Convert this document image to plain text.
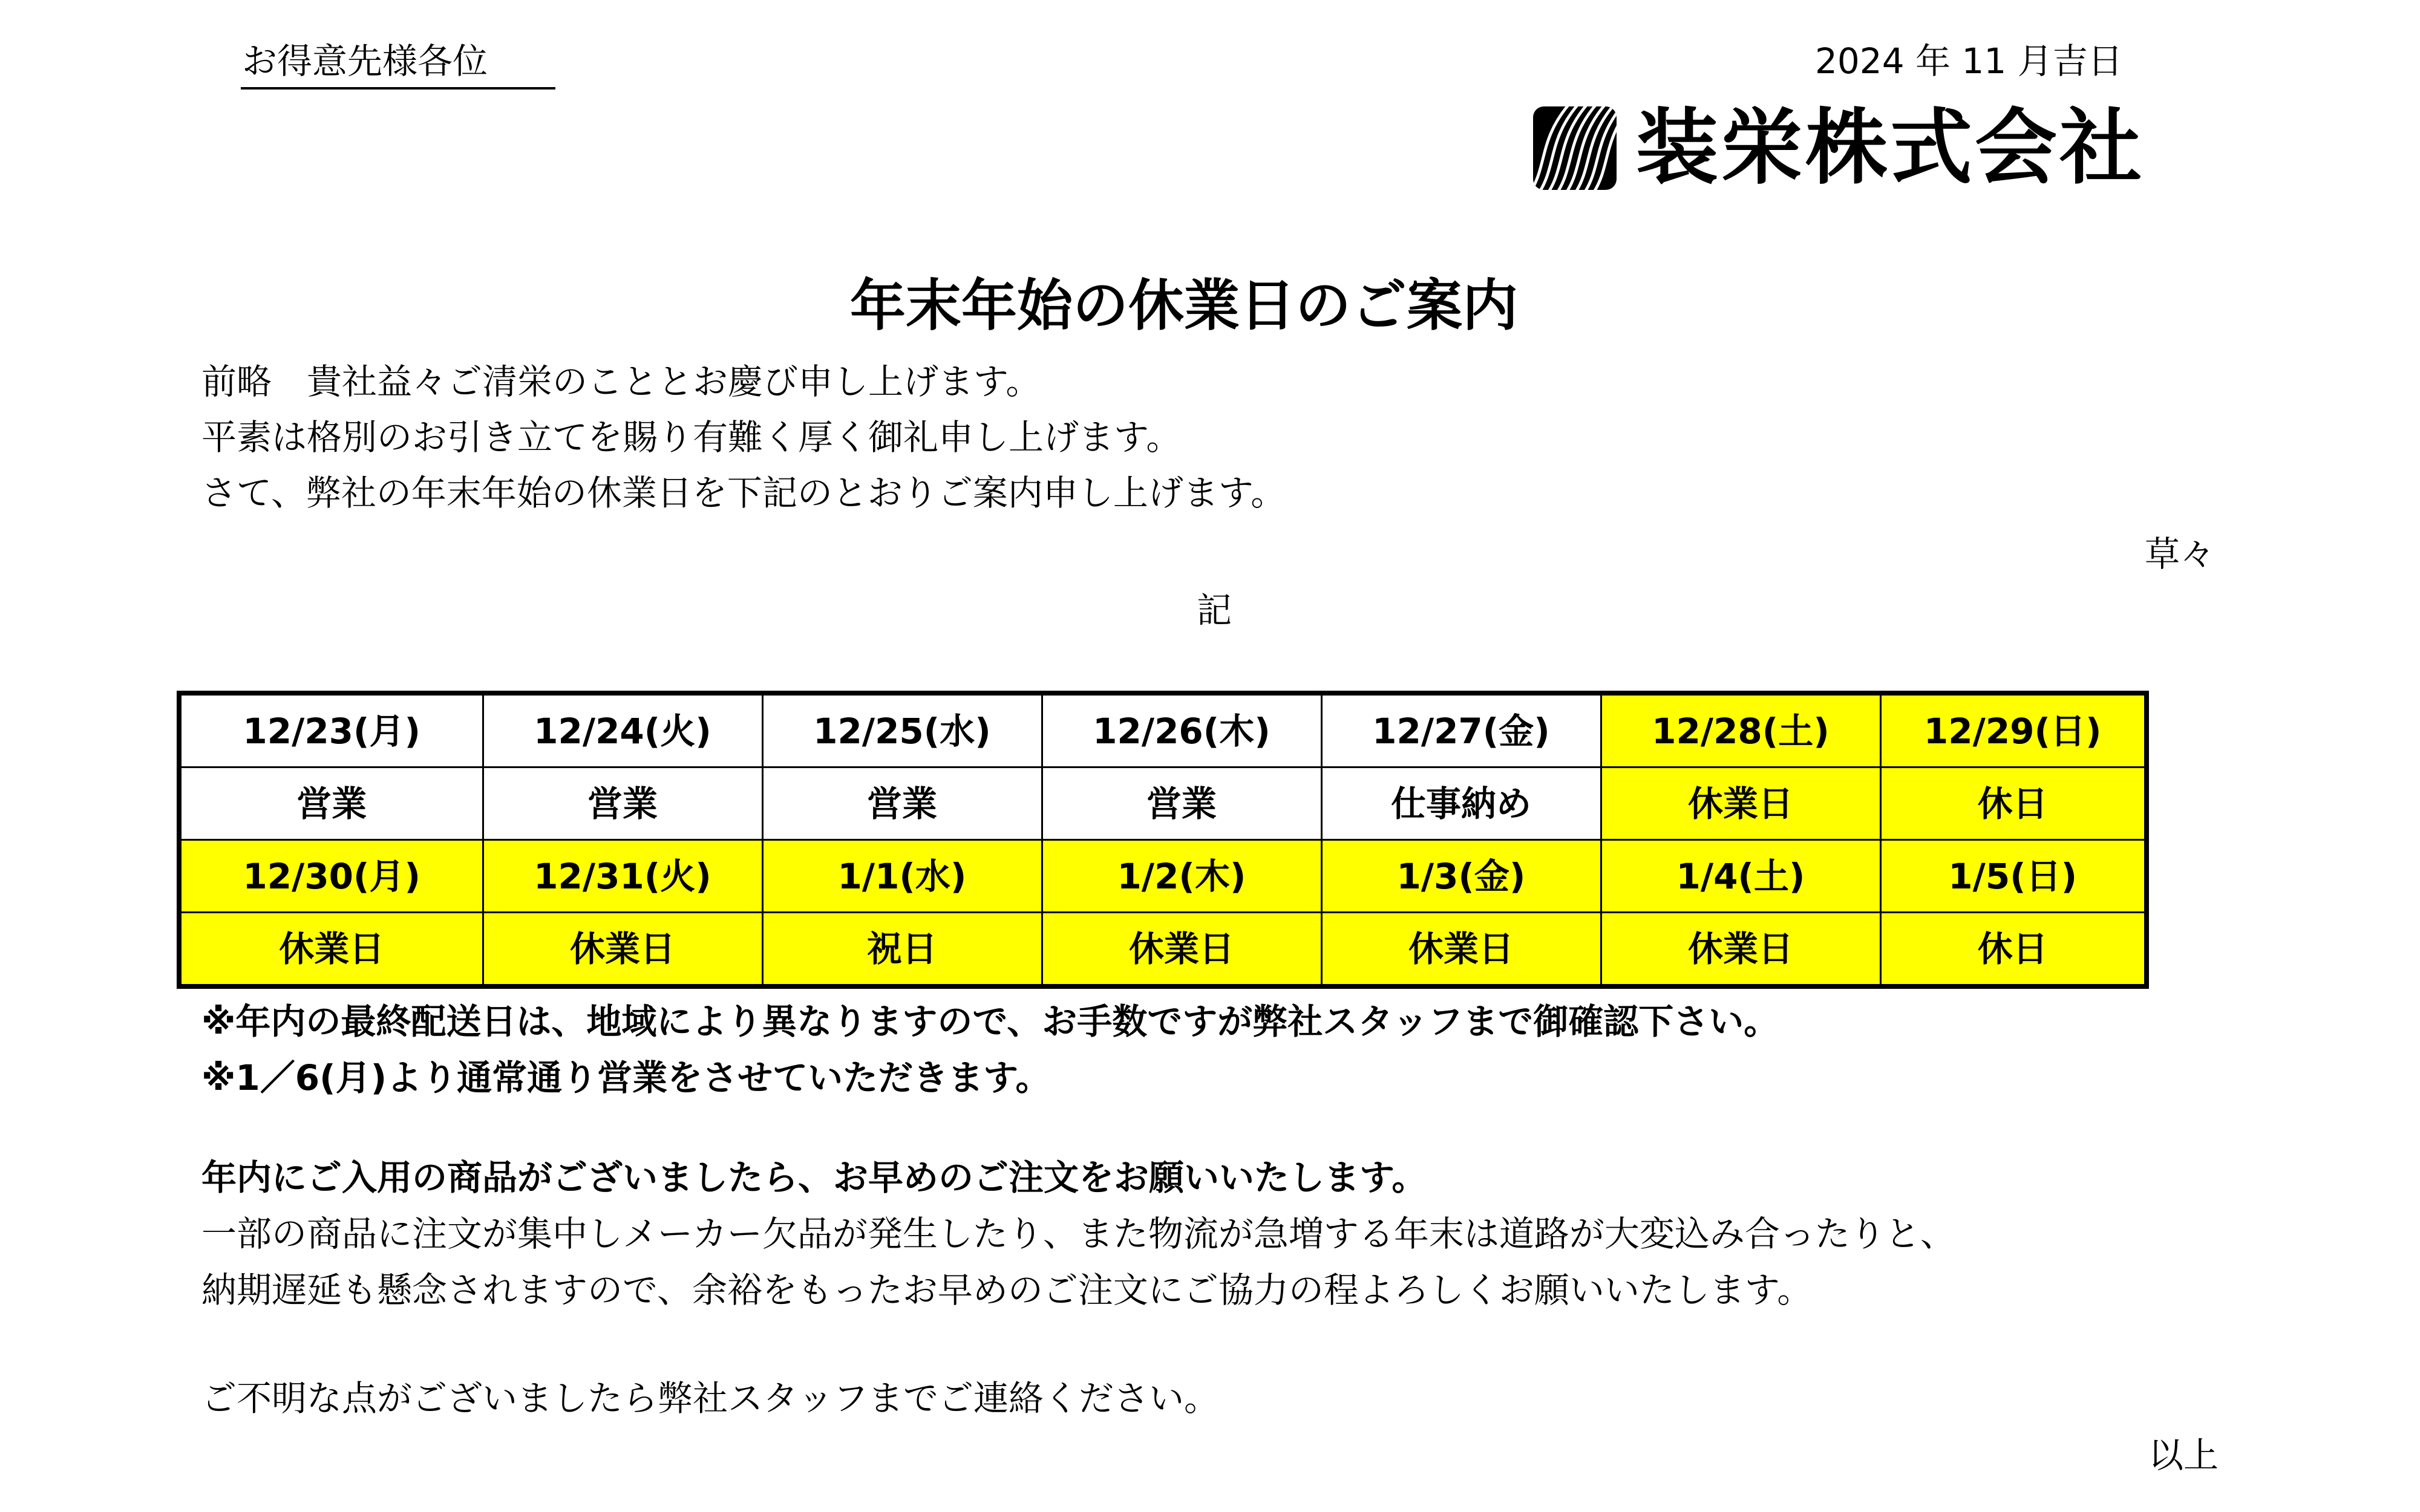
お得意先様各位	2024 年 11 月吉日
装栄株式会社
年末年始の休業日のご案内
前略　貴社益々ご清栄のこととお慶び申し上げます。
平素は格別のお引き立てを賜り有難く厚く御礼申し上げます。
さて、弊社の年末年始の休業日を下記のとおりご案内申し上げます。
草々
記
12/23(月)	12/24(火)	12/25(水)	12/26(木)	12/27(金)	12/28(土)	12/29(日)
営業	営業	営業	営業	仕事納め	休業日	休日
12/30(月)	12/31(火)	1/1(水)	1/2(木)	1/3(金)	1/4(土)	1/5(日)
休業日	休業日	祝日	休業日	休業日	休業日	休日
※年内の最終配送日は、地域により異なりますので、お手数ですが弊社スタッフまで御確認下さい。
※1／6(月)より通常通り営業をさせていただきます。
年内にご入用の商品がございましたら、お早めのご注文をお願いいたします。
一部の商品に注文が集中しメーカー欠品が発生したり、また物流が急増する年末は道路が大変込み合ったりと、
納期遅延も懸念されますので、余裕をもったお早めのご注文にご協力の程よろしくお願いいたします。
ご不明な点がございましたら弊社スタッフまでご連絡ください。
以上
